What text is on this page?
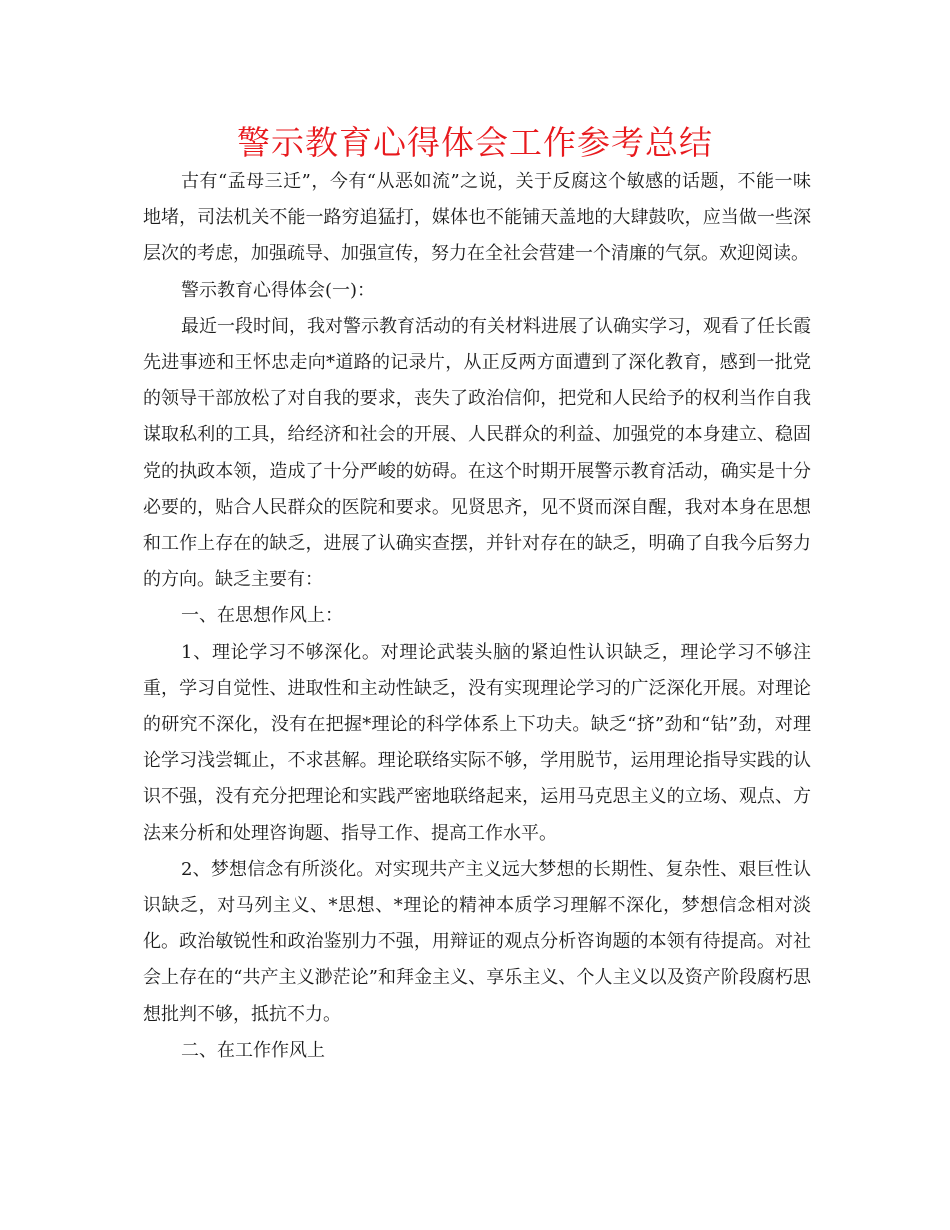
警示教育心得体会工作参考总结

古有“孟母三迁”，今有“从恶如流”之说，关于反腐这个敏感的话题，不能一味地堵，司法机关不能一路穷追猛打，媒体也不能铺天盖地的大肆鼓吹，应当做一些深层次的考虑，加强疏导、加强宣传，努力在全社会营建一个清廉的气氛。欢迎阅读。

警示教育心得体会(一)：

最近一段时间，我对警示教育活动的有关材料进展了认确实学习，观看了任长霞先进事迹和王怀忠走向*道路的记录片，从正反两方面遭到了深化教育，感到一批党的领导干部放松了对自我的要求，丧失了政治信仰，把党和人民给予的权利当作自我谋取私利的工具，给经济和社会的开展、人民群众的利益、加强党的本身建立、稳固党的执政本领，造成了十分严峻的妨碍。在这个时期开展警示教育活动，确实是十分必要的，贴合人民群众的医院和要求。见贤思齐，见不贤而深自醒，我对本身在思想和工作上存在的缺乏，进展了认确实查摆，并针对存在的缺乏，明确了自我今后努力的方向。缺乏主要有：

一、在思想作风上：

1、理论学习不够深化。对理论武装头脑的紧迫性认识缺乏，理论学习不够注重，学习自觉性、进取性和主动性缺乏，没有实现理论学习的广泛深化开展。对理论的研究不深化，没有在把握*理论的科学体系上下功夫。缺乏“挤”劲和“钻”劲，对理论学习浅尝辄止，不求甚解。理论联络实际不够，学用脱节，运用理论指导实践的认识不强，没有充分把理论和实践严密地联络起来，运用马克思主义的立场、观点、方法来分析和处理咨询题、指导工作、提高工作水平。

2、梦想信念有所淡化。对实现共产主义远大梦想的长期性、复杂性、艰巨性认识缺乏，对马列主义、*思想、*理论的精神本质学习理解不深化，梦想信念相对淡化。政治敏锐性和政治鉴别力不强，用辩证的观点分析咨询题的本领有待提高。对社会上存在的“共产主义渺茫论”和拜金主义、享乐主义、个人主义以及资产阶段腐朽思想批判不够，抵抗不力。

二、在工作作风上
